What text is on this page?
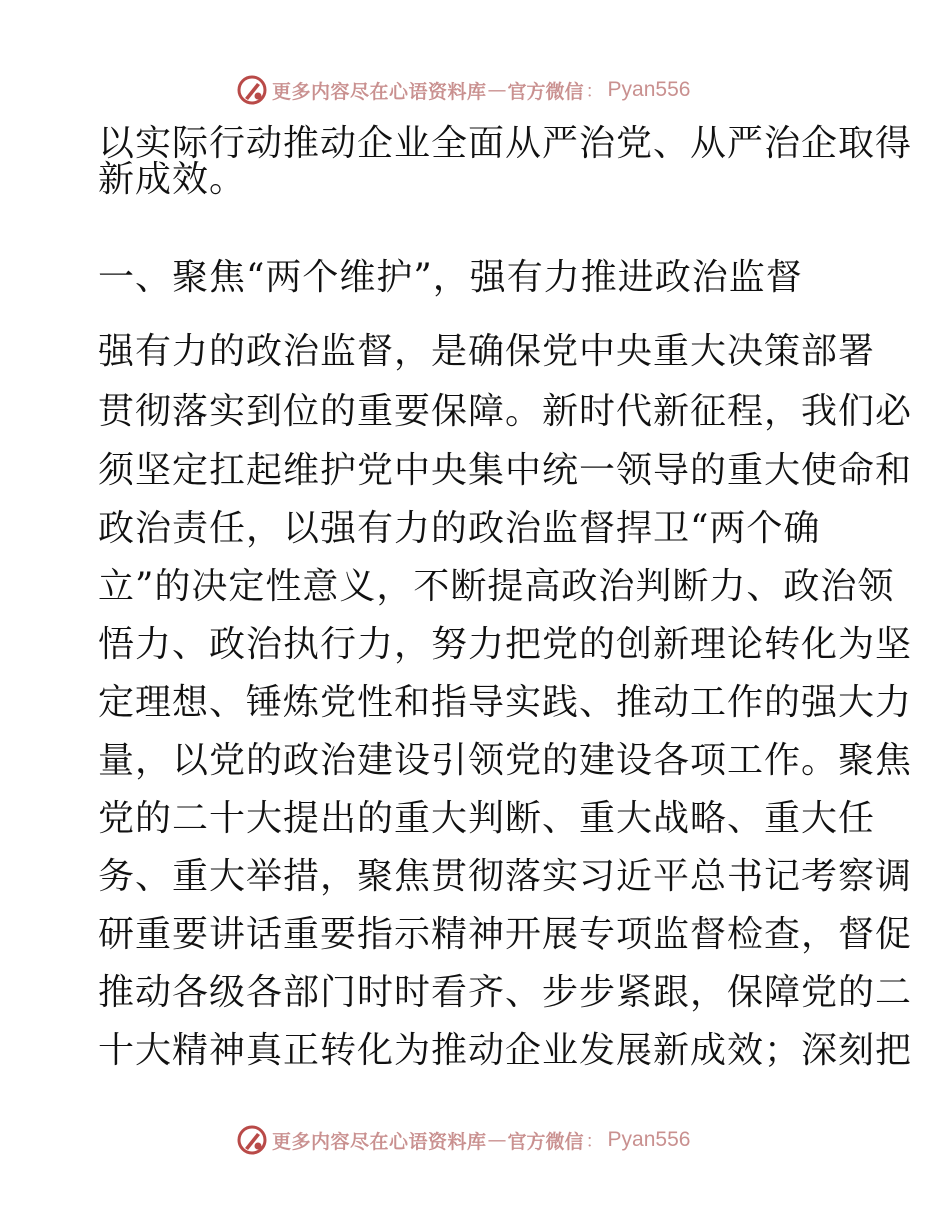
更多内容尽在心语资料库 — 官方微信 ： Pyan556
以实际行动推动企业全面从严治党、从严治企取得
新成效。
一、聚焦“两个维护”，强有力推进政治监督
强有力的政治监督，是确保党中央重大决策部署
贯彻落实到位的重要保障。新时代新征程，我们必
须坚定扛起维护党中央集中统一领导的重大使命和
政治责任，以强有力的政治监督捍卫“两个确
立”的决定性意义，不断提高政治判断力、政治领
悟力、政治执行力，努力把党的创新理论转化为坚
定理想、锤炼党性和指导实践、推动工作的强大力
量，以党的政治建设引领党的建设各项工作。聚焦
党的二十大提出的重大判断、重大战略、重大任
务、重大举措，聚焦贯彻落实习近平总书记考察调
研重要讲话重要指示精神开展专项监督检查，督促
推动各级各部门时时看齐、步步紧跟，保障党的二
十大精神真正转化为推动企业发展新成效；深刻把
更多内容尽在心语资料库 — 官方微信 ： Pyan556
